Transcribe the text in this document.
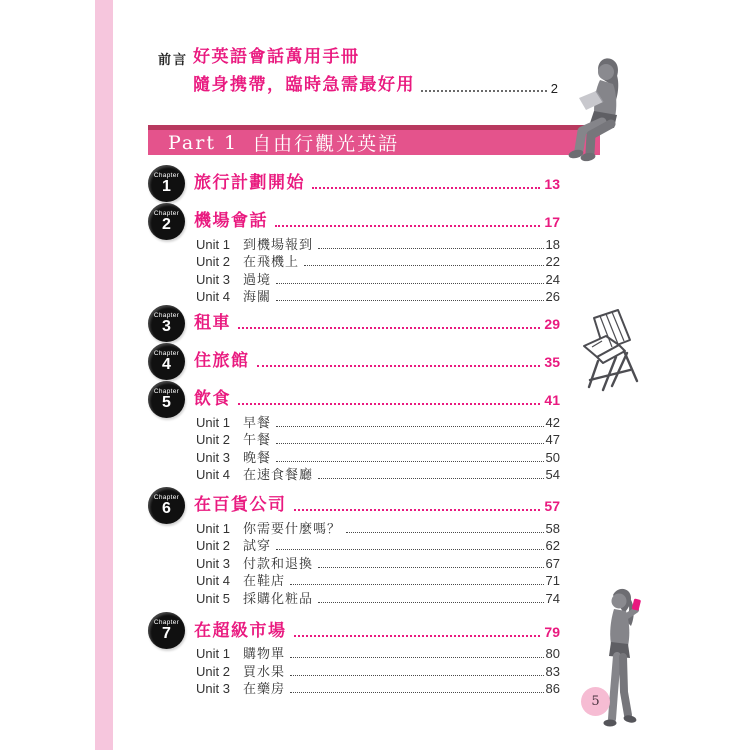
前言 好英語會話萬用手冊
隨身携帶，臨時急需最好用	2
Part 1 自由行觀光英語
Chapter
1 旅行計劃開始	13
Chapter
2 機場會話	17
Unit 1	到機場報到	18
Unit 2	在飛機上	22
Unit 3	過境	24
Unit 4	海關	26
Chapter
3 租車	29
Chapter
4 住旅館	35
Chapter
5 飲食	41
Unit 1	早餐	42
Unit 2	午餐	47
Unit 3	晚餐	50
Unit 4	在速食餐廳	54
Chapter
6 在百貨公司	57
Unit 1	你需要什麼嗎？	58
Unit 2	試穿	62
Unit 3	付款和退換	67
Unit 4	在鞋店	71
Unit 5	採購化粧品	74
Chapter
7 在超級市場	79
Unit 1	購物單	80
Unit 2	買水果	83
Unit 3	在藥房	86
5
